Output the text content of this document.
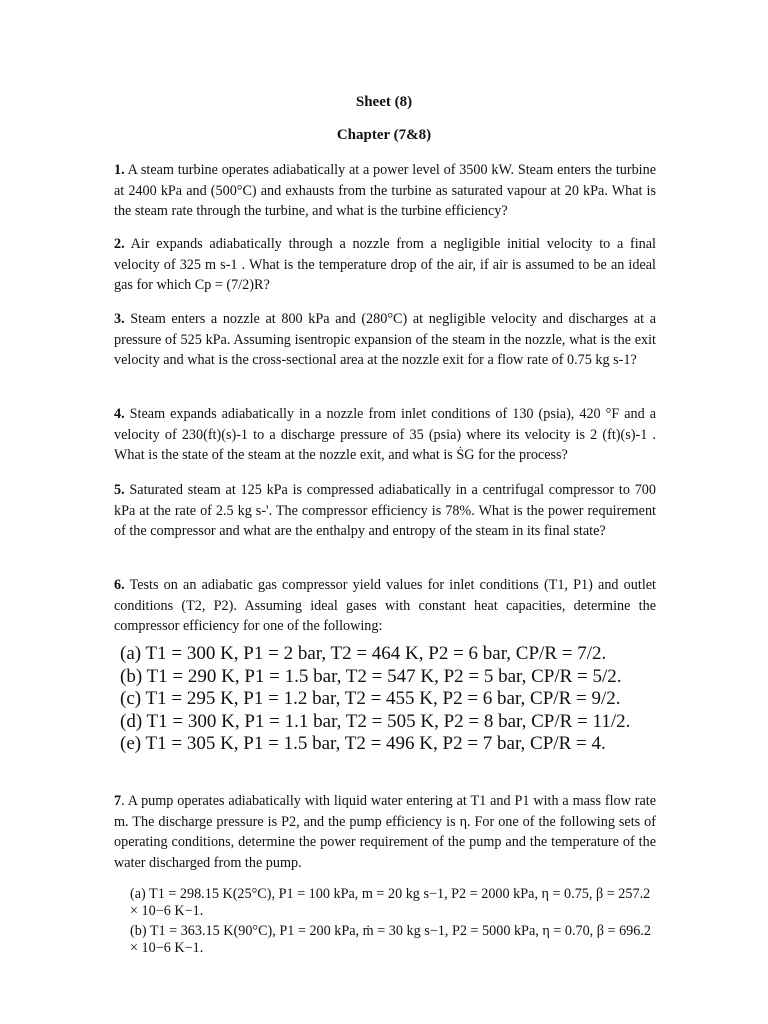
Sheet (8)
Chapter (7&8)
1. A steam turbine operates adiabatically at a power level of 3500 kW. Steam enters the turbine at 2400 kPa and (500°C) and exhausts from the turbine as saturated vapour at 20 kPa. What is the steam rate through the turbine, and what is the turbine efficiency?
2. Air expands adiabatically through a nozzle from a negligible initial velocity to a final velocity of 325 m s-1 . What is the temperature drop of the air, if air is assumed to be an ideal gas for which Cp = (7/2)R?
3. Steam enters a nozzle at 800 kPa and (280°C) at negligible velocity and discharges at a pressure of 525 kPa. Assuming isentropic expansion of the steam in the nozzle, what is the exit velocity and what is the cross-sectional area at the nozzle exit for a flow rate of 0.75 kg s-1?
4. Steam expands adiabatically in a nozzle from inlet conditions of 130 (psia), 420 °F and a velocity of 230(ft)(s)-1 to a discharge pressure of 35 (psia) where its velocity is 2 (ft)(s)-1 . What is the state of the steam at the nozzle exit, and what is ṠG for the process?
5. Saturated steam at 125 kPa is compressed adiabatically in a centrifugal compressor to 700 kPa at the rate of 2.5 kg s-'. The compressor efficiency is 78%. What is the power requirement of the compressor and what are the enthalpy and entropy of the steam in its final state?
6. Tests on an adiabatic gas compressor yield values for inlet conditions (T1, P1) and outlet conditions (T2, P2). Assuming ideal gases with constant heat capacities, determine the compressor efficiency for one of the following:
(a) T1 = 300 K, P1 = 2 bar, T2 = 464 K, P2 = 6 bar, CP/R = 7/2.
(b) T1 = 290 K, P1 = 1.5 bar, T2 = 547 K, P2 = 5 bar, CP/R = 5/2.
(c) T1 = 295 K, P1 = 1.2 bar, T2 = 455 K, P2 = 6 bar, CP/R = 9/2.
(d) T1 = 300 K, P1 = 1.1 bar, T2 = 505 K, P2 = 8 bar, CP/R = 11/2.
(e) T1 = 305 K, P1 = 1.5 bar, T2 = 496 K, P2 = 7 bar, CP/R = 4.
7. A pump operates adiabatically with liquid water entering at T1 and P1 with a mass flow rate m. The discharge pressure is P2, and the pump efficiency is η. For one of the following sets of operating conditions, determine the power requirement of the pump and the temperature of the water discharged from the pump.
(a) T1 = 298.15 K(25°C), P1 = 100 kPa, m = 20 kg s−1, P2 = 2000 kPa, η = 0.75, β = 257.2 × 10−6 K−1.
(b) T1 = 363.15 K(90°C), P1 = 200 kPa, ṁ = 30 kg s−1, P2 = 5000 kPa, η = 0.70, β = 696.2 × 10−6 K−1.
